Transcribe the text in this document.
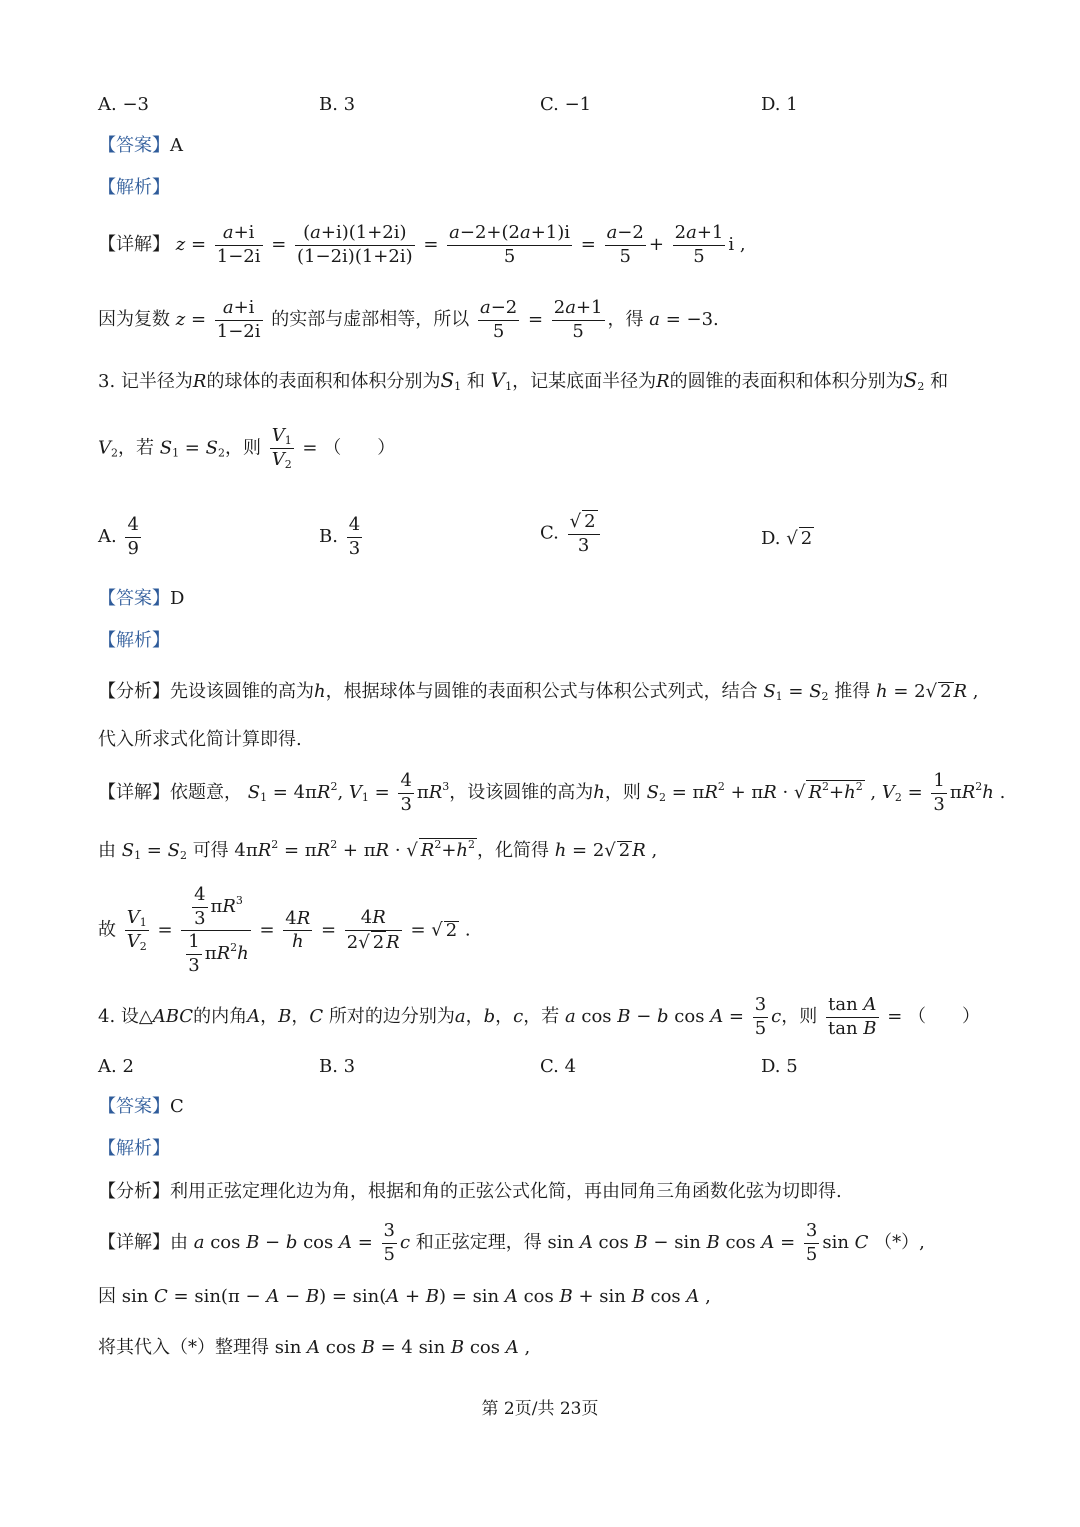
A. −3	B. 3	C. −1	D. 1
【答案】A
【解析】
【详解】 $z = \frac{a+i}{1-2i} = \frac{(a+i)(1+2i)}{(1-2i)(1+2i)} = \frac{a-2+(2a+1)i}{5} = \frac{a-2}{5} + \frac{2a+1}{5}$ i ,
因为复数 $z = \frac{a+i}{1-2i}$ 的实部与虚部相等，所以 $\frac{a-2}{5} = \frac{2a+1}{5}$ ，得 a = −3.
3. 记半径为R的球体的表面积和体积分别为$S_1$ 和 $V_1$，记某底面半径为R的圆锥的表面积和体积分别为$S_2$ 和
$V_2$，若 $S_1 = S_2$，则 $\frac{V_1}{V_2}$ = （　　）
A. $\frac{4}{9}$	B. $\frac{4}{3}$	C. $\frac{√ 2}{3}$	D. √ 2
【答案】D
【解析】
【分析】先设该圆锥的高为h，根据球体与圆锥的表面积公式与体积公式列式，结合 $S_1 = S_2$ 推得 h = 2√ 2 R ,
代入所求式化简计算即得.
【详解】依题意， $S_1 = 4\pi R^2$, $V_1 = \frac{4}{3} \pi R^3$，设该圆锥的高为h，则 $S_2 = \pi R^2 + \pi R$ · √ $R^2+h^2$ , $V_2 = \frac{1}{3} \pi R^2h$ .
由 $S_1 = S_2$ 可得 $4\pi R^2 = \pi R^2 + \pi R$ · √ $R^2+h^2$ ，化简得 h = 2√ 2 R ,
故 $\frac{V_1}{V_2} = \frac{\frac{4}{3} \pi R^3}{\frac{1}{3} \pi R^2h} = \frac{4R}{h} = \frac{4R}{2√ 2 R}$ = √ 2 .
4. 设△ABC的内角A，B，C 所对的边分别为a，b，c，若 a cos B − b $\cos A = \frac{3}{5}$ c，则 $\frac{\text{tan A}}{\text{tan B}}$ = （　　）
A. 2	B. 3	C. 4	D. 5
【答案】C
【解析】
【分析】利用正弦定理化边为角，根据和角的正弦公式化简，再由同角三角函数化弦为切即得.
【详解】由 a cos B − b $\cos A = \frac{3}{5}$ c 和正弦定理，得 sin A cos B − sin B $\cos A = \frac{3}{5}$ sin C （*）,
因 sin C = sin(π − A − B) = sin(A + B) = sin A cos B + sin B cos A ,
将其代入（*）整理得 sin A cos B = 4 sin B cos A ,
第 2页/共 23页
